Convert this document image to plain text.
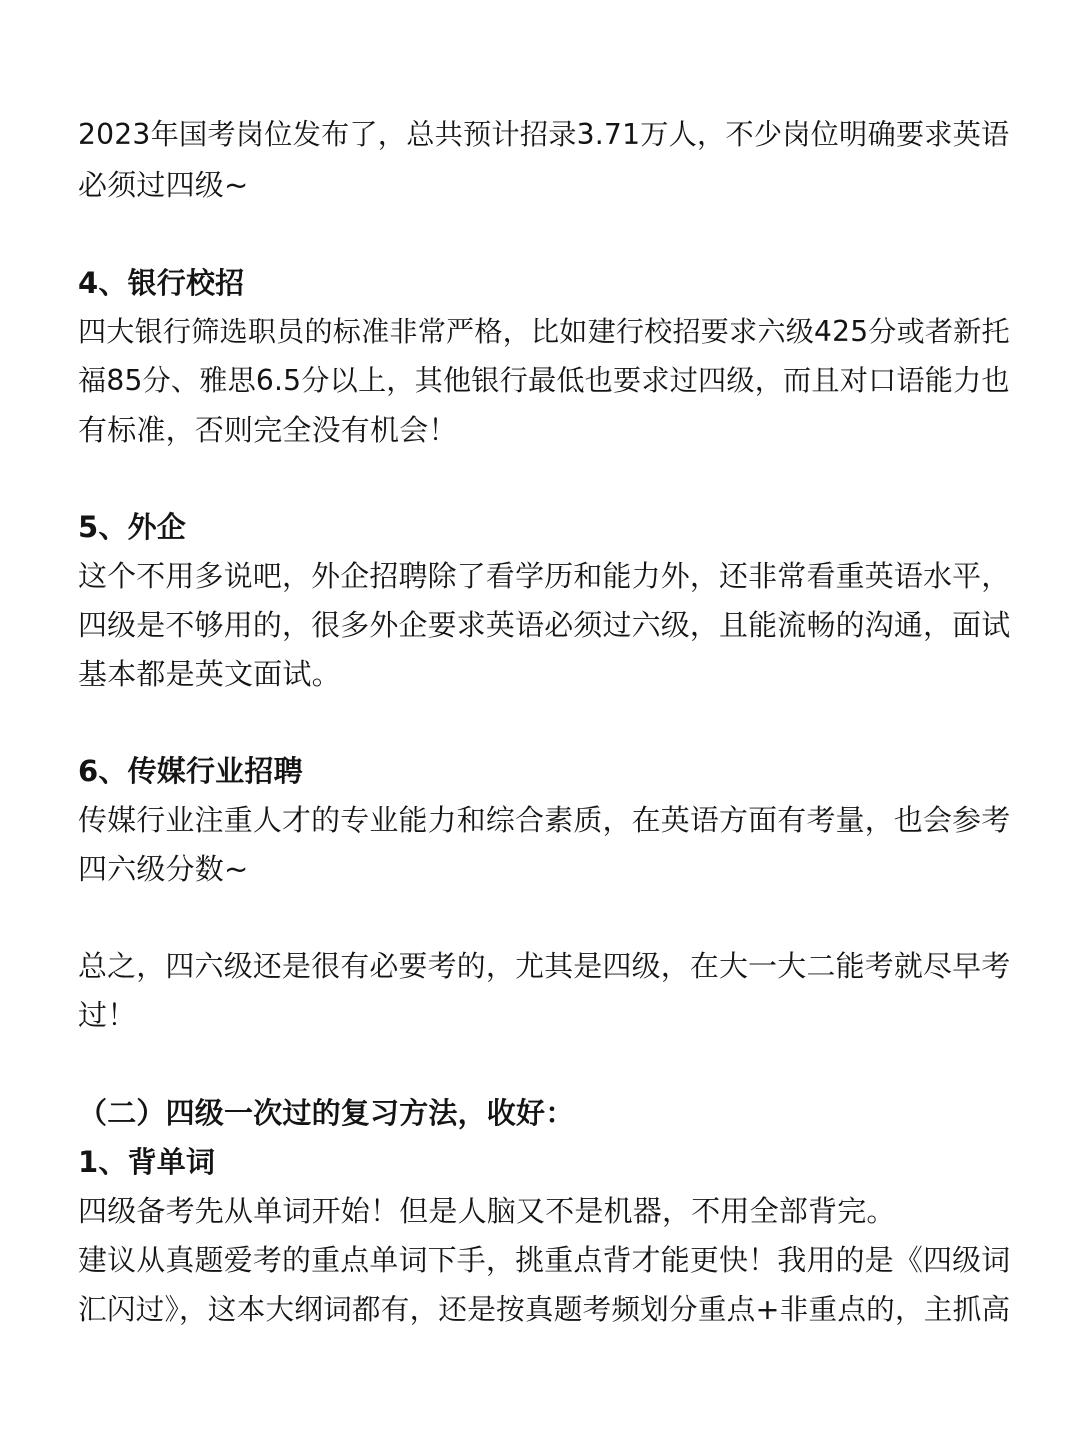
2023年国考岗位发布了，总共预计招录3.71万人，不少岗位明确要求英语
必须过四级~
4、银行校招
四大银行筛选职员的标准非常严格，比如建行校招要求六级425分或者新托
福85分、雅思6.5分以上，其他银行最低也要求过四级，而且对口语能力也
有标准，否则完全没有机会！
5、外企
这个不用多说吧，外企招聘除了看学历和能力外，还非常看重英语水平，
四级是不够用的，很多外企要求英语必须过六级，且能流畅的沟通，面试
基本都是英文面试。
6、传媒行业招聘
传媒行业注重人才的专业能力和综合素质，在英语方面有考量，也会参考
四六级分数~
总之，四六级还是很有必要考的，尤其是四级，在大一大二能考就尽早考
过！
（二）四级一次过的复习方法，收好：
1、背单词
四级备考先从单词开始！但是人脑又不是机器，不用全部背完。
建议从真题爱考的重点单词下手，挑重点背才能更快！我用的是《四级词
汇闪过》，这本大纲词都有，还是按真题考频划分重点+非重点的，主抓高
